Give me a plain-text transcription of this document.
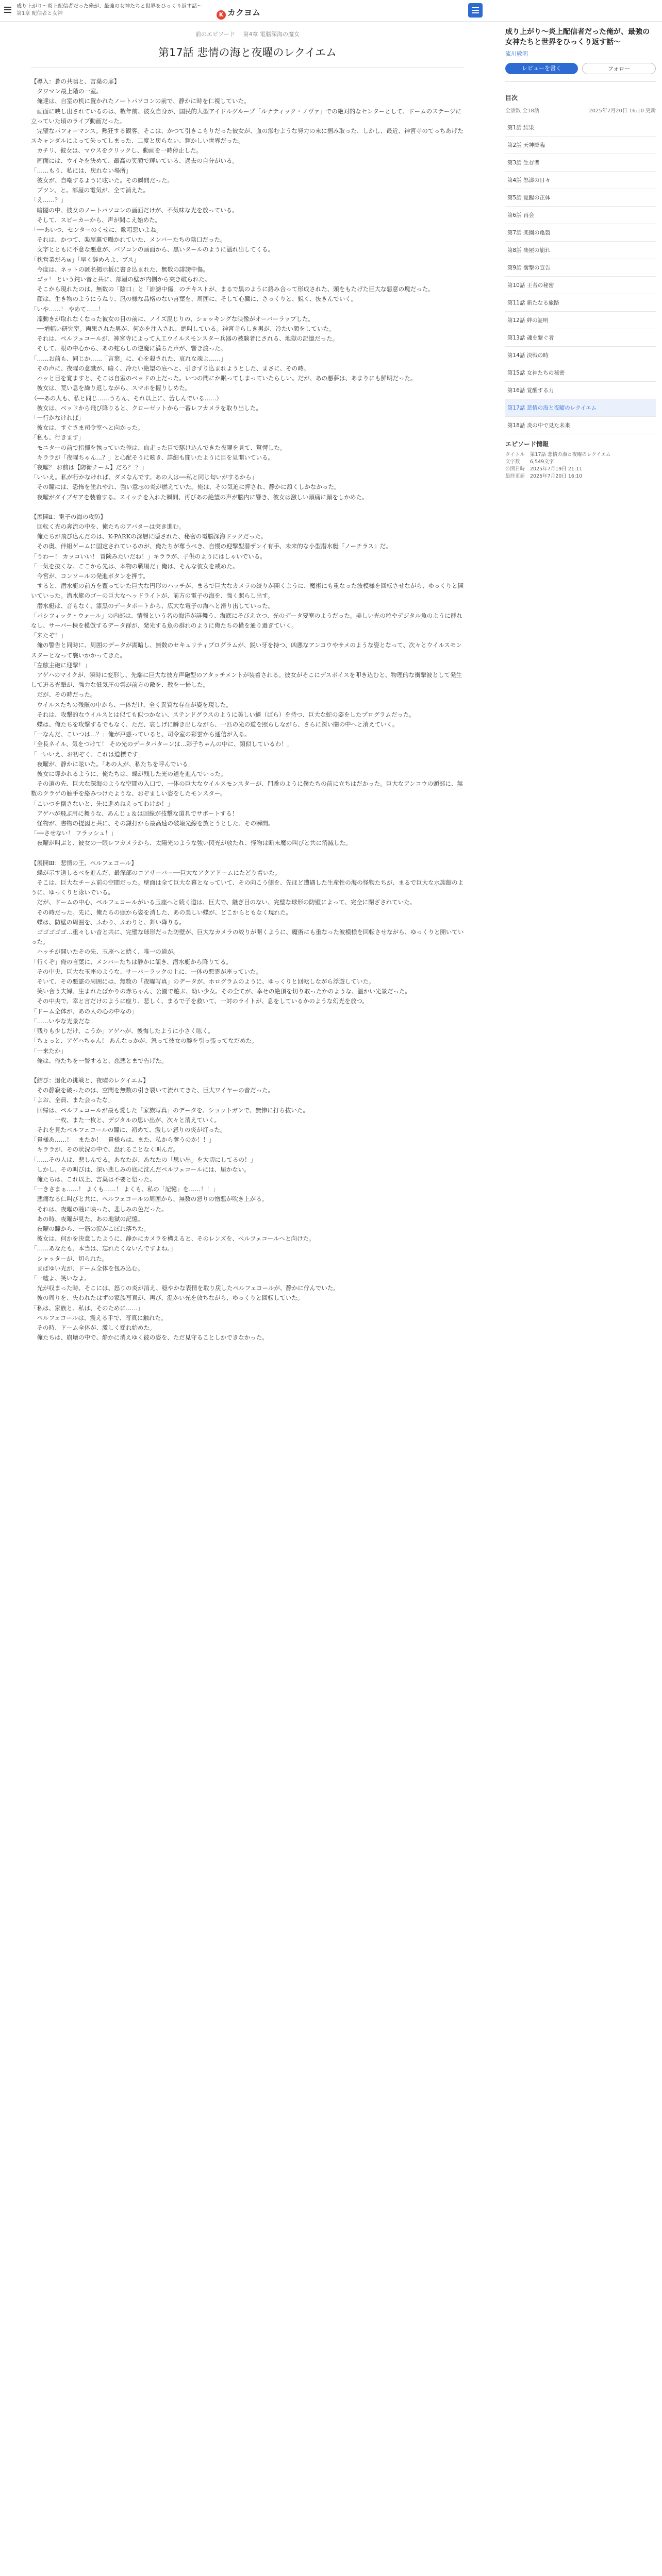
成り上がり〜炎上配信者だった俺が、最強の女神たちと世界をひっくり返す話〜
第1章 配信者と女神	K カクヨム
前のエピソード 第4章 電脳深海の魔女
第17話 悲情の海と夜曜のレクイエム

【導入：蒼の共鳴と、言葉の扉】

　タワマン最上階の一室。

　俺達は、自室の机に置かれたノートパソコンの前で、静かに時を仁視していた。

　画面に映し出されているのは、数年前、彼女自身が、国民的大型アイドルグループ「ルナティック・ノヴァ」での絶対的なセンターとして、ドームのステージに立っていた頃のライブ動画だった。

　完璧なパフォーマンス。熱狂する観客。そこは、かつて引きこもりだった彼女が、血の滲むような努力の末に掴み取った、しかし、最近、神宮寺のてっちあげたスキャンダルによって失ってしまった、二度と戻らない、輝かしい世界だった。

　カチリ、彼女は、マウスをクリックし、動画を一時停止した。

　画面には、ウイキを決めて、最高の笑顔で輝いている、過去の自分がいる。

「……もう、私には、戻れない場所」

　彼女が、自嘲するように呟いた。その瞬間だった。

　ブツン、と。部屋の電気が、全て消えた。

「え……？」

　暗闇の中、彼女のノートパソコンの画面だけが、不気味な光を放っている。

　そして、スピーカーから、声が聞こえ始めた。

「──あいつ、センターのくせに、歌唱悪いよね」

　それは、かつて、楽屋裏で囁かれていた、メンバーたちの陰口だった。

　文字とともに不意な悪意が、パソコンの画面から、黒いタールのように溢れ出してくる。

「枕営業だろw」「早く辞めろよ、ブス」

　今度は、ネットの匿名掲示板に書き込まれた、無数の誹謗中傷。

　ゴッ！ という鈍い音と共に、部屋の壁が内側から突き破られた。

　そこから現れたのは、無数の「陰口」と「誹謗中傷」のテキストが、まるで黒のように絡み合って形成された、頭をもたげた巨大な悪意の塊だった。

　顔は、生き物のようにうねり、凪の様な品格のない言葉を、周囲に、そして心臓に、さっくりと、鋭く、抜きんでいく。

「いや……！ やめて……！」

　凜動きが取れなくなった彼女の目の前に、ノイズ混じりの、ショッキングな映像がオーバーラップした。

　──増幅い研究室。両果された男が、何かを注入され、絶叫している。神宮寺らしき男が、冷たい顔をしていた。

　それは、ペルフェコールが、神宮寺によって人工ウイルスモンスター兵器の被験者にされる、地獄の記憶だった。

　そして、眼の中心から、あの蛇らしの逆魔に満ちた声が、響き渡った。

「……お前も、同じか……「言葉」に、心を殺された、哀れな魂よ……」

　その声に、夜曜の意識が、暗く、冷たい絶望の底へと、引きずり込まれようとした、まさに、その時。

　ハッと目を覚ますと、そこは自室のベッドの上だった。いつの間にか眠ってしまっていたらしい。だが、あの悪夢は、あまりにも鮮明だった。

　彼女は、荒い息を繰り返しながら、スマホを握りしめた。

（──あの人も、私と同じ……うろん、それ以上に、苦しんでいる……）

　彼女は、ベッドから飛び降りると、クローゼットから一番レフカメラを取り出した。

「一行かなければ」

　彼女は、すぐさま司令室へと向かった。

「私も、行きます」

　モニターの前で指揮を執っていた俺は、血走った目で駆け込んできた夜曜を見て、驚愕した。

　キララが「夜曜ちゃん…？」と心配そうに呟き、詳細も聞いたように目を見開いている。

「夜曜？ お前は【防衛チーム】だろ？ ？」

「いいえ。私が行かなければ、ダメなんです。あの人は──私と同じ匂いがするから」

　その瞳には、恐怖を塗れやれ、強い意志の炎が燃えていた。俺は、その気迫に押され、静かに頷くしかなかった。

　夜曜がダイブギアを装着する。スイッチを入れた瞬間、再びあの絶望の声が脳内に響き、彼女は激しい頭痛に顔をしかめた。

【展開Ⅱ：電子の海の攻防】

　回転く光の奔流の中を、俺たちのアバターは突き進む。

　俺たちが飛び込んだのは、K-PARKの深層に隠された、秘密の電脳深海ドックだった。

　その奥、伴組ゲームに固定されているのが、俺たちが奪うべき、自慢の迎撃型潜ザンイ有手、未来的な小型潜水艇『ノーチラス』だ。

「うわー！ カッコいい！ 冒険みたいだね！」キララが、子供のようにはしゃいでいる。

「一気を抜くな。ここから先は、本物の戦場だ」俺は、そんな彼女を戒めた。

　今宮が、コンソールの発進ボタンを押す。

　すると、潜水艇の前方を覆っていた巨大な円形のハッチが、まるで巨大なカメラの絞りが開くように、魔術にも重なった波模様を回転させながら、ゆっくりと開いていった。潜水艇のゴーの巨大なヘッドライトが、前方の電子の海を、強く照らし出す。

　潜水艇は、音もなく、漆黒のデータポートから、広大な電子の海へと滑り出していった。

「パシフィック・ウォール」の内部は、情報という名の海洋が詳舞う、海底にそびえ立つ、光のデータ要塞のようだった。美しい光の粒やデジタル魚のように群れなし、サーバー棟を模倣するデータ群が、発光する魚の群れのように俺たちの横を通り過ぎていく。

「来たぞ！」

　俺の警告と同時に、周囲のデータが湖暗し、無数のセキュリティプログラムが、鋭い牙を持つ、凶悪なアンコウやサメのような姿となって、次々とウイルスモンスターとなって襲いかかってきた。

「左舷主砲に迎撃！」

　アゲハのマイクが、瞬時に変形し、先端に巨大な彼方声砲型のアタッチメントが装着される。彼女がそこにデスボイスを叩き込むと、物理的な衝撃波として発生して迸る光撃が、強力な低気圧の雲が前方の敵を、散を一掃した。

　だが、その時だった。

　ウイルスたちの残骸の中から、一体だけ、全く異質な存在が姿を現した。

　それは、攻撃的なウイルスとは似ても似つかない、ステンドグラスのように美しい鱗（ばら）を持つ、巨大な蛇の姿をしたプログラムだった。

　蝶は、俺たちを攻撃するでもなく、ただ、哀しげに瞬き出しながら、一匹の光の道を照らしながら、さらに深い闇の中へと消えていく。

「一なんだ、こいつは…？」俺が戸惑っていると、司令室の彩雲から通信が入る。

「全長ネイル、気をつけて！ その光のデータパターンは…彩子ちゃんの中に、類似しているわ！」

「一いいえ、お初ぞく、これは道標です」

　夜曜が、静かに呟いた。「あの人が、私たちを呼んでいる」

　彼女に導かれるように、俺たちは、蝶が残した光の道を進んでいった。

　その道の先、巨大な深海のような空間の入口で、一体の巨大なウイルスモンスターが、門番のように僕たちの前に立ちはだかった。巨大なアンコウの頭部に、無数のクラゲの触手を絡みつけたような、おぞましい姿をしたモンスター。

「こいつを倒さないと、先に進めねえってわけか！」

　アゲハが飛ぶ用に舞うな、あんじょ＆は回線が技撃な道具でサポートする！

　怪物が、書物の提図と共に、その鎌打から最高速の破壊光線を放とうとした、その瞬間。

「──させない！ フラッシュ！」

　夜曜が叫ぶと、彼女の一眼レフカメラから、太陽光のような強い閃光が放たれ、怪物は断末魔の叫びと共に消滅した。

【展開Ⅲ：悲情の王、ペルフェコール】

　蝶が示す道しるべを進んだ、最深部のコアサーバー──巨大なアクアドームにたどり着いた。

　そこは、巨大なチーム前の空間だった。壁面は全て巨大な幕となっていて、その向こう側を、先ほど遭遇した生産性の海の怪物たちが、まるで巨大な水族館のように、ゆっくりと泳いでいる。

　だが、ドームの中心、ペルフェコールがいる玉座へと続く道は、巨大で、継ぎ目のない、完璧な球形の防壁によって、完全に閉ざされていた。

　その時だった。先に、俺たちの頭から姿を消した、あの美しい蝶が、どこからともなく現れた。

　蝶は、防壁の周囲を、ふわり、ふわりと、舞い降りる。

　ゴゴゴゴゴ…重々しい音と共に、完璧な球形だった防壁が、巨大なカメラの絞りが開くように、魔術にも重なった波模様を回転させながら、ゆっくりと開いていった。

　ハッチが開いたその先、玉座へと続く、唯一の道が。

「行くぞ」俺の言葉に、メンバーたちは静かに頷き、潜水艇から降りてる。

　その中央、巨大な玉座のような、サーバーラックの上に、一体の悪霊が座っていた。

　そいて、その悪霊の周囲には、無数の「夜曜写真」のデータが、ホログラムのように、ゆっくりと回転しながら浮遊していた。

　笑い合う夫婦、生まれたばかりの赤ちゃん、公園で遊ぶ、幼い少女。その全てが、幸せの絶頂を切り取ったかのような、温かい光景だった。

　その中央で、幸と言だけのように座り、悲しく、まるで子を救いて、一対のライトが、息をしているかのような幻光を放つ。

「ドーム全体が、あの人の心の中なの」

「……いやな光景だな」

「残りも少しだけ、こうか」アゲハが、後悔したように小さく呟く。

「ちょっと、アゲハちゃん！ あんなっかが、怒って彼女の腕を引っ張ってなだめた。

「一来たか」

　俺は、俺たちを一瞥すると、慈悲とまで告げた。

【結び：退化の挑戦と、夜曜のレクイエム】

　その静寂を破ったのは、空間を無数の引き裂いて流れてきた、巨大ワイヤーの音だった。

「よお、全員、また会ったな」

　回帰は、ペルフェコールが最も愛した「家族写真」のデータを、ショットガンで、無惨に打ち抜いた。

　　　　一枚、また一枚と、デジタルの思い出が、次々と消えていく。

　それを見たペルフェコールの瞳に、初めて、激しい怒りの炎が灯った。

「貴様あ……！　またか！　貴様らは、また、私から奪うのか！！」

　キララが、その状況の中で、恐れることなく叫んだ。

「……その人は、悲しんでる。あなたが、あなたの「思い出」を大切にしてるの！」

　しかし、その叫びは、深い悲しみの底に沈んだペルフェコールには、届かない。

　俺たちは、これ以上、言葉は不要と悟った。

「一きさまぁ……！ よくも……！ よくも、私の「記憶」を……！！」

　悲痛なる仁叫びと共に、ペルフェコールの周囲から、無数の怒りの憎悪が吹き上がる。

　それは、夜曜の瞳に映った、悲しみの色だった。

　あの時、夜曜が見た、あの地獄の記憶。

　夜曜の瞳から、一筋の涙がこぼれ落ちた。

　彼女は、何かを決意したように、静かにカメラを構えると、そのレンズを、ペルフェコールへと向けた。

「……あなたも、本当は、忘れたくないんですよね。」

　シャッターが、切られた。

　まばゆい光が、ドーム全体を包み込む。

「一嘘よ、笑いなよ。

　光が収まった時、そこには、怒りの炎が消え、穏やかな表情を取り戻したペルフェコールが、静かに佇んでいた。

　彼の周りを、失われたはずの家族写真が、再び、温かい光を放ちながら、ゆっくりと回転していた。

「私は、家族と、私は、そのために……」

　ペルフェコールは、震える手で、写真に触れた。

　その時、ドーム全体が、激しく揺れ始めた。

　俺たちは、崩壊の中で、静かに消えゆく彼の姿を、ただ見守ることしかできなかった。

成り上がり〜炎上配信者だった俺が、最強の女神たちと世界をひっくり返す話〜
流川敏明
レビューを書く	フォロー
目次
全話数 全18話	2025年7月20日 16:10 更新
第1話 結果
第2話 天神降臨
第3話 生存者
第4話 怒濤の日々
第5話 覚醒の正体
第6話 再会
第7話 楽園の亀裂
第8話 楽屋の崩れ
第9話 衝撃の宣告
第10話 王者の秘密
第11話 新たなる旅路
第12話 絆の証明
第13話 魂を繋ぐ者
第14話 決戦の時
第15話 女神たちの秘密
第16話 覚醒する力
第17話 悲情の海と夜曜のレクイエム
第18話 炎の中で見た未来
エピソード情報
タイトル 第17話 悲情の海と夜曜のレクイエム
文字数	6,549文字
公開日時 2025年7月19日 21:11
最終更新 2025年7月20日 16:10
